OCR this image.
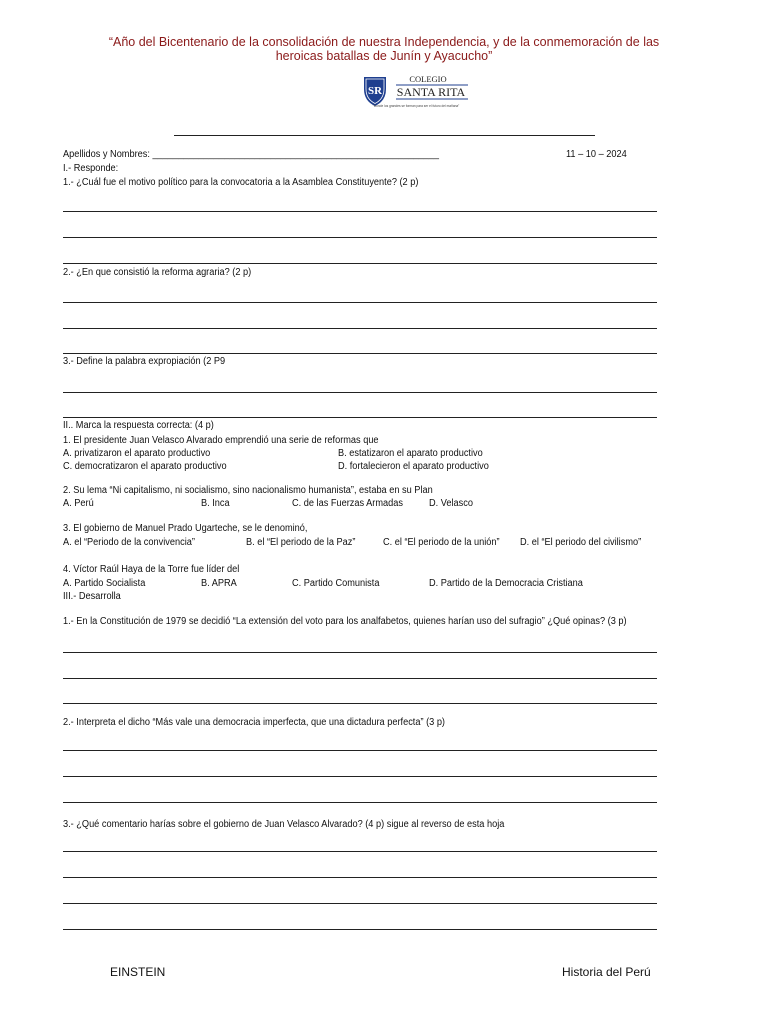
“Año del Bicentenario de la consolidación de nuestra Independencia, y de la conmemoración de las
heroicas batallas de Junín y Ayacucho”
SR
COLEGIO
SANTA RITA
“Donde los grandes se forman para ser el futuro del mañana”
Apellidos y Nombres: ________________________________________________________	11 – 10 – 2024
I.- Responde:
1.- ¿Cuál fue el motivo político para la convocatoria a la Asamblea Constituyente? (2 p)
2.- ¿En que consistió la reforma agraria? (2 p)
3.- Define la palabra expropiación (2 P9
II.. Marca la respuesta correcta: (4 p)
1. El presidente Juan Velasco Alvarado emprendió una serie de reformas que
A. privatizaron el aparato productivo	B. estatizaron el aparato productivo
C. democratizaron el aparato productivo	D. fortalecieron el aparato productivo
2. Su lema “Ni capitalismo, ni socialismo, sino nacionalismo humanista”, estaba en su Plan
A. Perú	B. Inca	C. de las Fuerzas Armadas	D. Velasco
3. El gobierno de Manuel Prado Ugarteche, se le denominó,
A. el “Periodo de la convivencia”	B. el “El periodo de la Paz”	C. el “El periodo de la unión” D. el “El periodo del civilismo”
4. Víctor Raúl Haya de la Torre fue líder del
A. Partido Socialista	B. APRA	C. Partido Comunista	D. Partido de la Democracia Cristiana
III.- Desarrolla
1.- En la Constitución de 1979 se decidió “La extensión del voto para los analfabetos, quienes harían uso del sufragio” ¿Qué opinas? (3 p)
2.- Interpreta el dicho “Más vale una democracia imperfecta, que una dictadura perfecta” (3 p)
3.- ¿Qué comentario harías sobre el gobierno de Juan Velasco Alvarado? (4 p) sigue al reverso de esta hoja
EINSTEIN	Historia del Perú
